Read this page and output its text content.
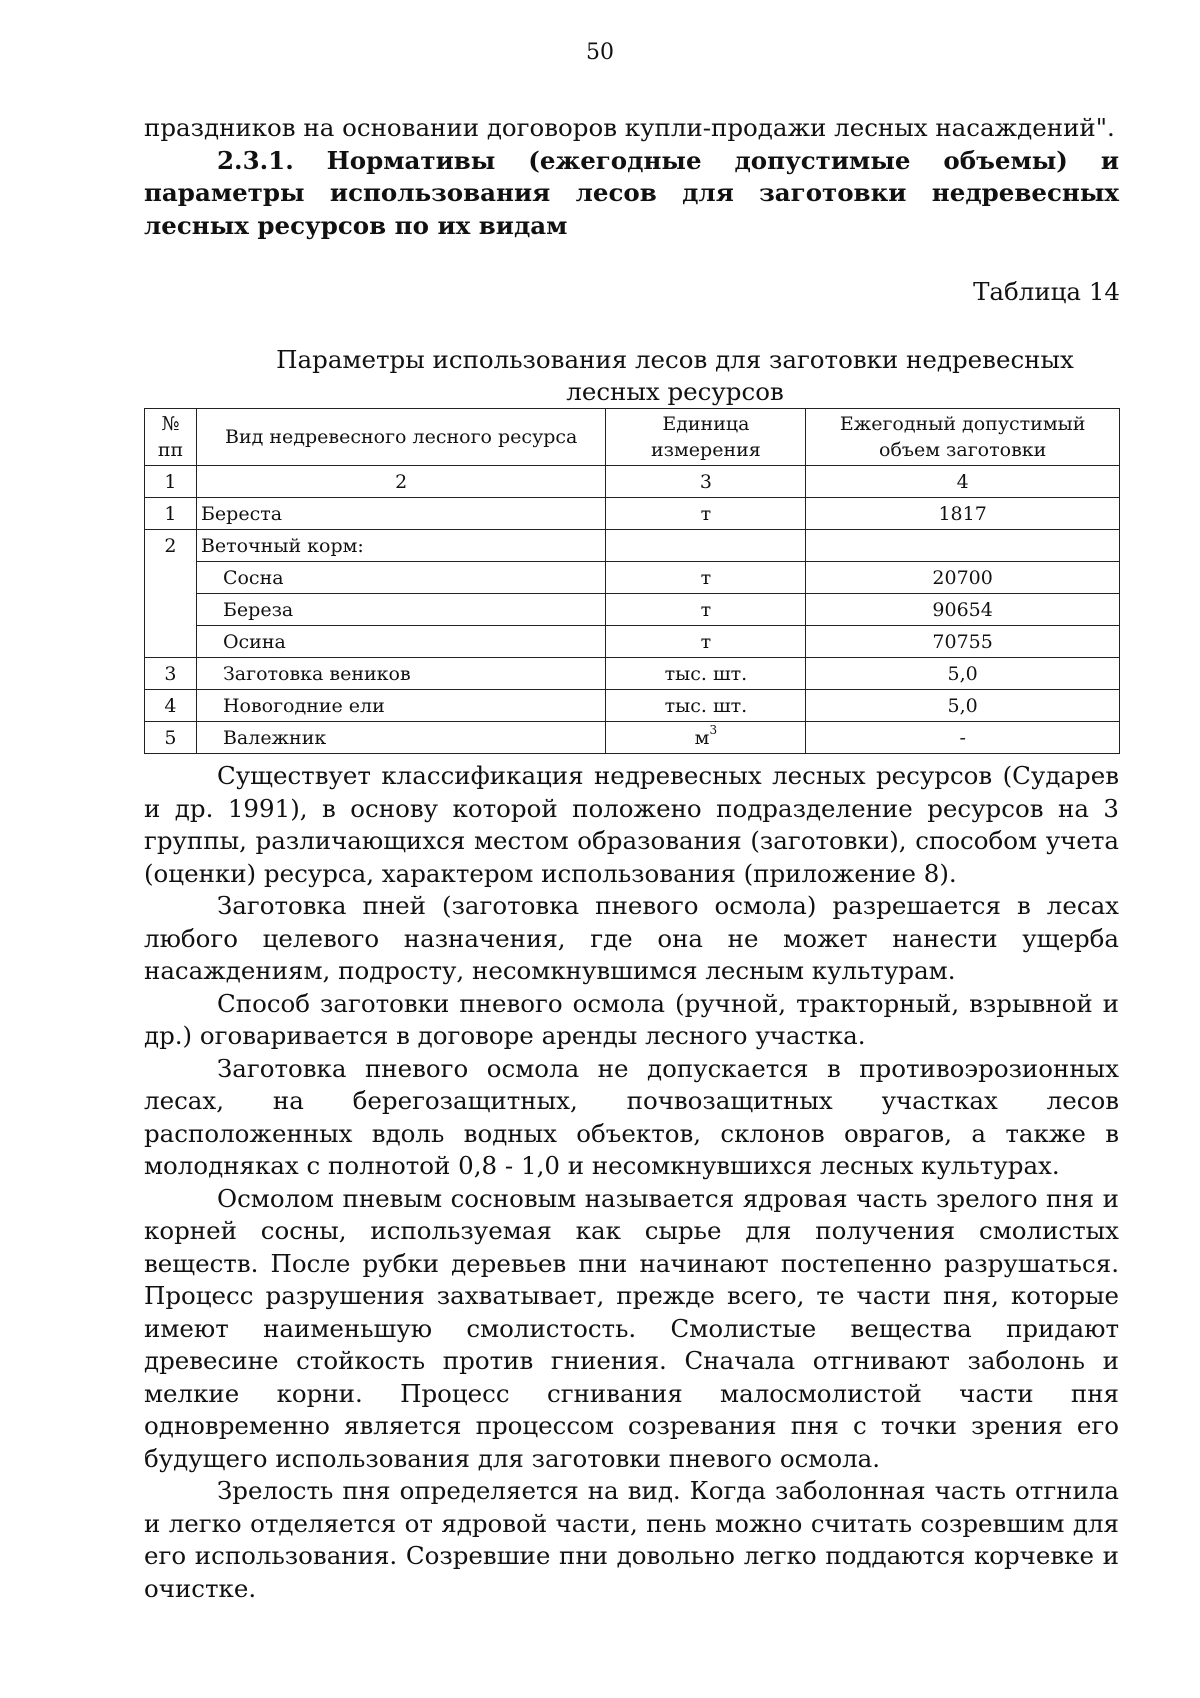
50

праздников на основании договоров купли-продажи лесных насаждений".

2.3.1. Нормативы (ежегодные допустимые объемы) и параметры использования лесов для заготовки недревесных лесных ресурсов по их видам

Таблица 14
Параметры использования лесов для заготовки недревесных лесных ресурсов
№ пп	Вид недревесного лесного ресурса	Единица измерения	Ежегодный допустимый объем заготовки
1	2	3	4
1	Береста	т	1817
2	Веточный корм:		
	Сосна	т	20700
	Береза	т	90654
	Осина	т	70755
3	Заготовка веников	тыс. шт.	5,0
4	Новогодние ели	тыс. шт.	5,0
5	Валежник	$м^3$	-

Существует классификация недревесных лесных ресурсов (Сударев и др. 1991), в основу которой положено подразделение ресурсов на 3 группы, различающихся местом образования (заготовки), способом учета (оценки) ресурса, характером использования (приложение 8).

Заготовка пней (заготовка пневого осмола) разрешается в лесах любого целевого назначения, где она не может нанести ущерба насаждениям, подросту, несомкнувшимся лесным культурам.

Способ заготовки пневого осмола (ручной, тракторный, взрывной и др.) оговаривается в договоре аренды лесного участка.

Заготовка пневого осмола не допускается в противоэрозионных лесах, на берегозащитных, почвозащитных участках лесов расположенных вдоль водных объектов, склонов оврагов, а также в молодняках с полнотой 0,8 - 1,0 и несомкнувшихся лесных культурах.

Осмолом пневым сосновым называется ядровая часть зрелого пня и корней сосны, используемая как сырье для получения смолистых веществ. После рубки деревьев пни начинают постепенно разрушаться. Процесс разрушения захватывает, прежде всего, те части пня, которые имеют наименьшую смолистость. Смолистые вещества придают древесине стойкость против гниения. Сначала отгнивают заболонь и мелкие корни. Процесс сгнивания малосмолистой части пня одновременно является процессом созревания пня с точки зрения его будущего использования для заготовки пневого осмола.

Зрелость пня определяется на вид. Когда заболонная часть отгнила и легко отделяется от ядровой части, пень можно считать созревшим для его использования. Созревшие пни довольно легко поддаются корчевке и очистке.
